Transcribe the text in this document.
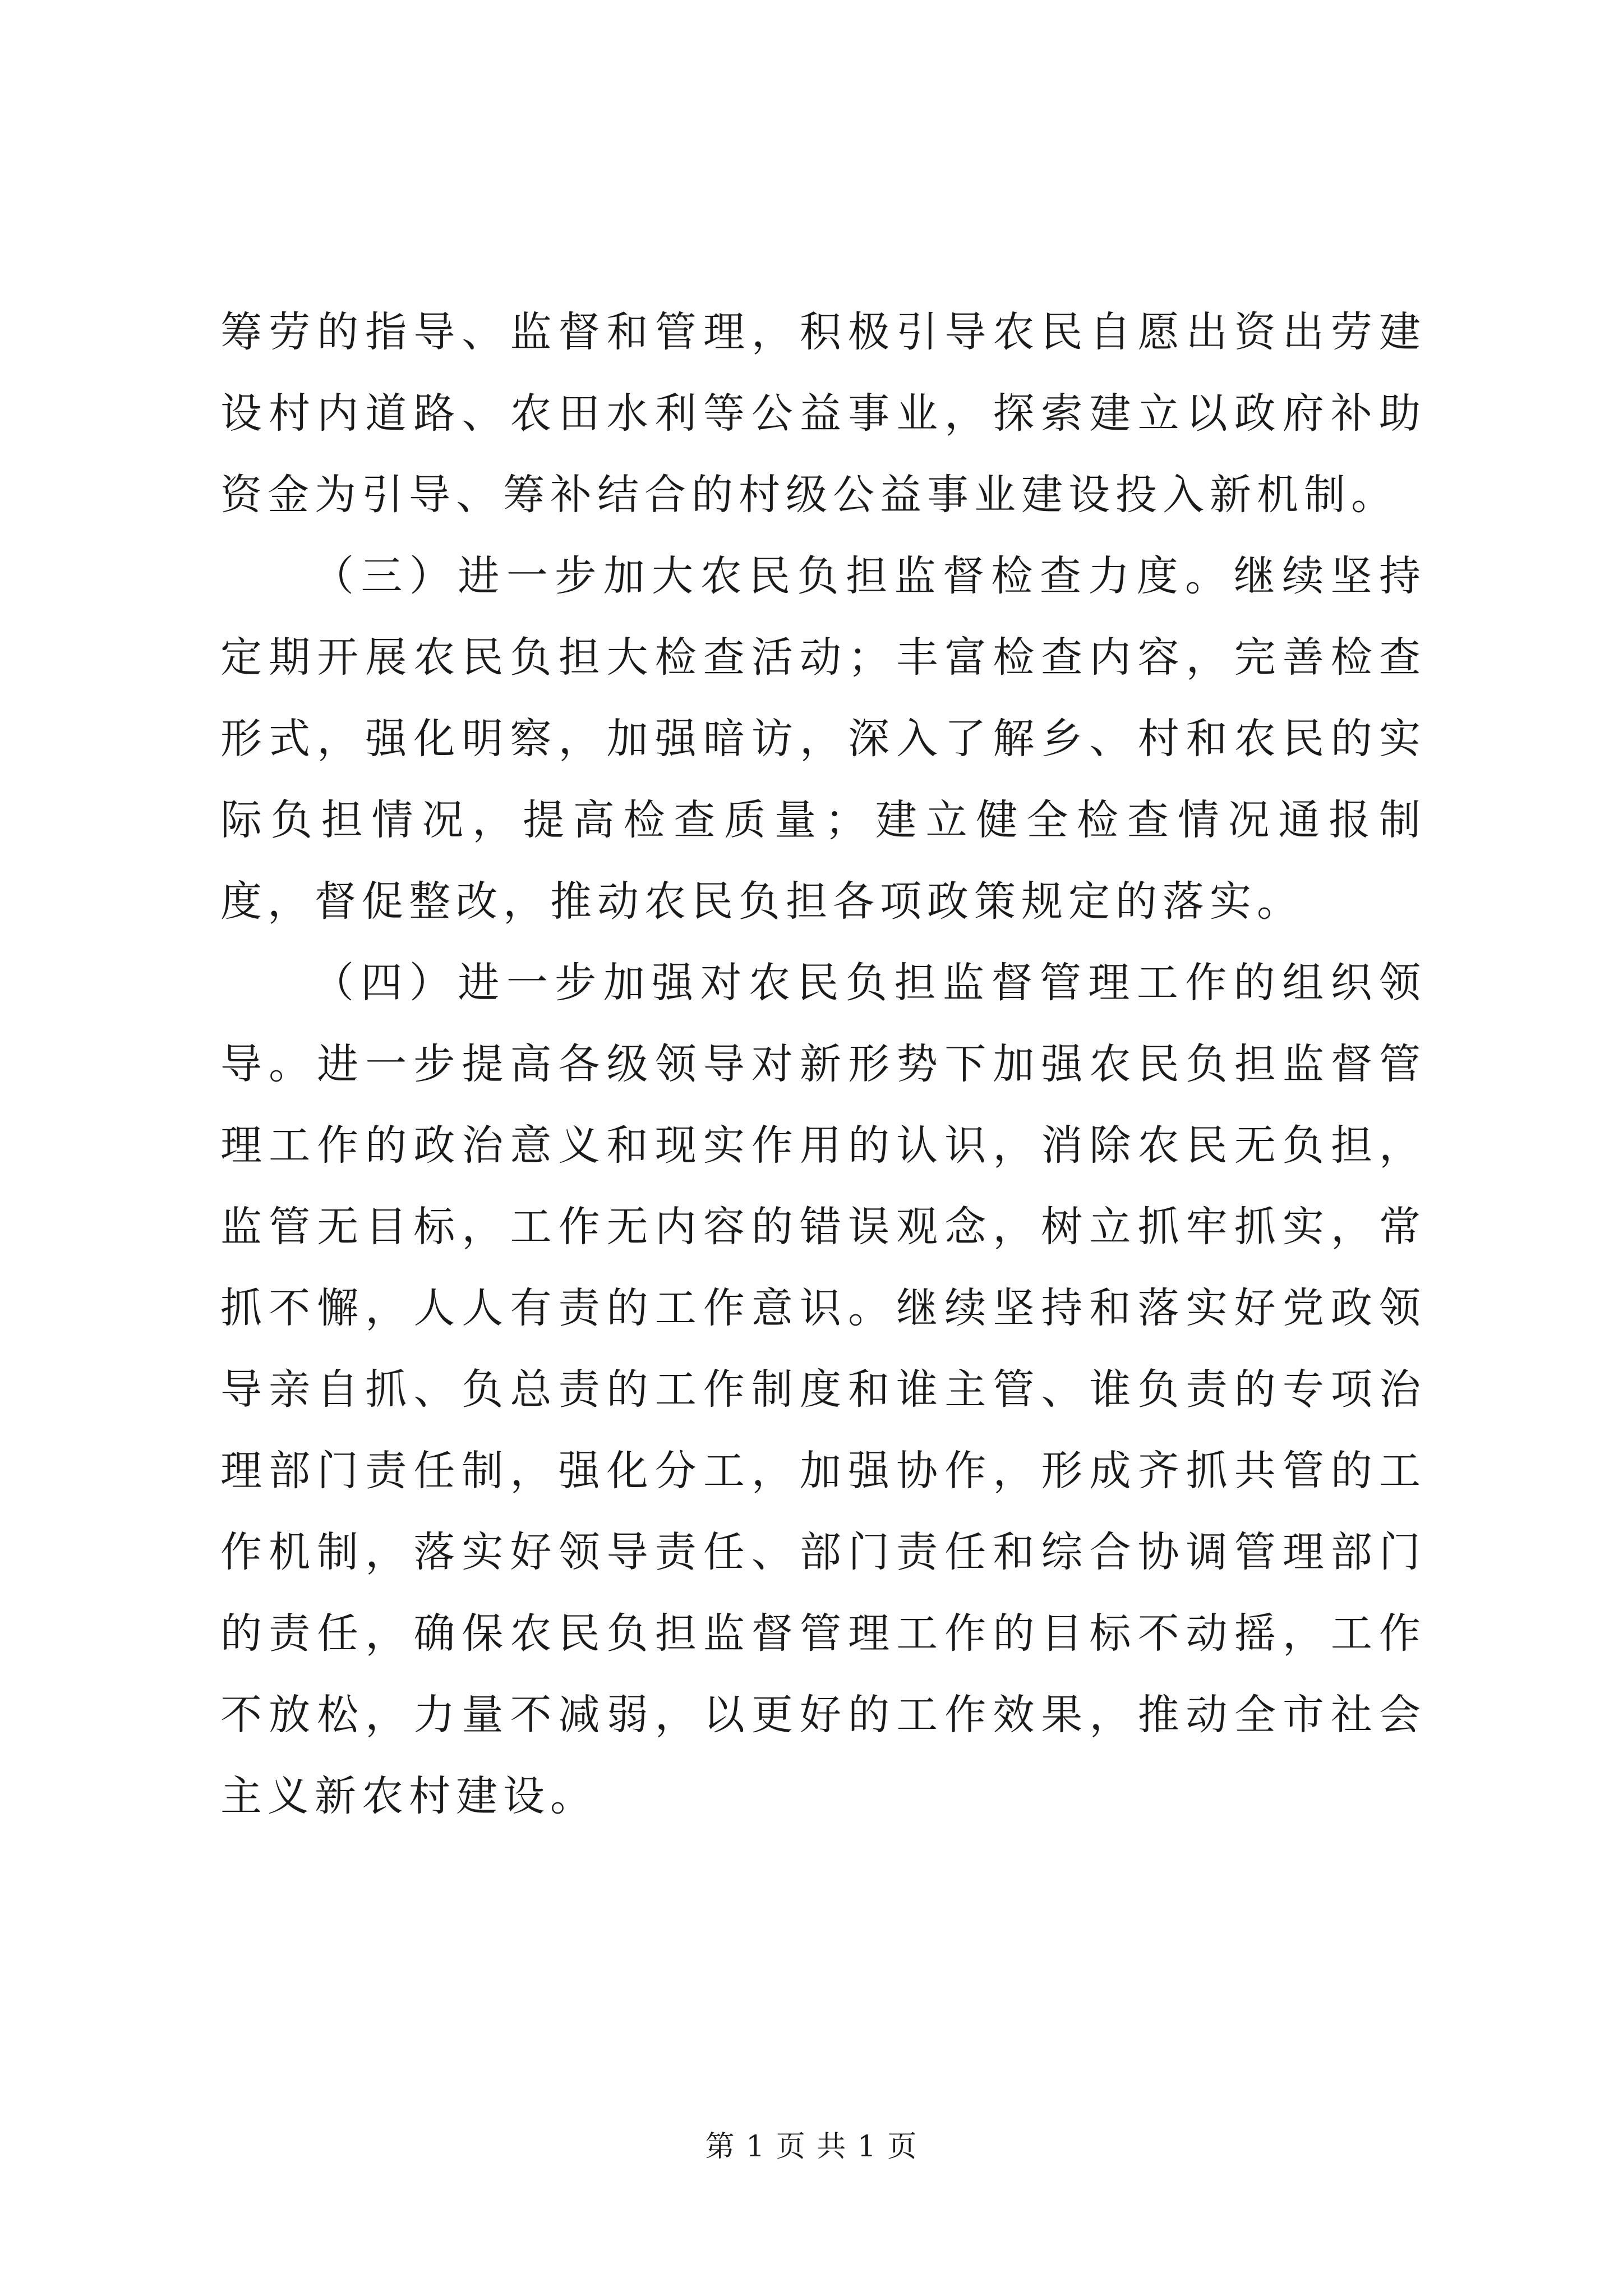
筹劳的指导、监督和管理，积极引导农民自愿出资出劳建设村内道路、农田水利等公益事业，探索建立以政府补助资金为引导、筹补结合的村级公益事业建设投入新机制。

（三）进一步加大农民负担监督检查力度。继续坚持定期开展农民负担大检查活动；丰富检查内容，完善检查形式，强化明察，加强暗访，深入了解乡、村和农民的实际负担情况，提高检查质量；建立健全检查情况通报制度，督促整改，推动农民负担各项政策规定的落实。

（四）进一步加强对农民负担监督管理工作的组织领导。进一步提高各级领导对新形势下加强农民负担监督管理工作的政治意义和现实作用的认识，消除农民无负担，监管无目标，工作无内容的错误观念，树立抓牢抓实，常抓不懈，人人有责的工作意识。继续坚持和落实好党政领导亲自抓、负总责的工作制度和谁主管、谁负责的专项治理部门责任制，强化分工，加强协作，形成齐抓共管的工作机制，落实好领导责任、部门责任和综合协调管理部门的责任，确保农民负担监督管理工作的目标不动摇，工作不放松，力量不减弱，以更好的工作效果，推动全市社会主义新农村建设。

第 1 页 共 1 页
